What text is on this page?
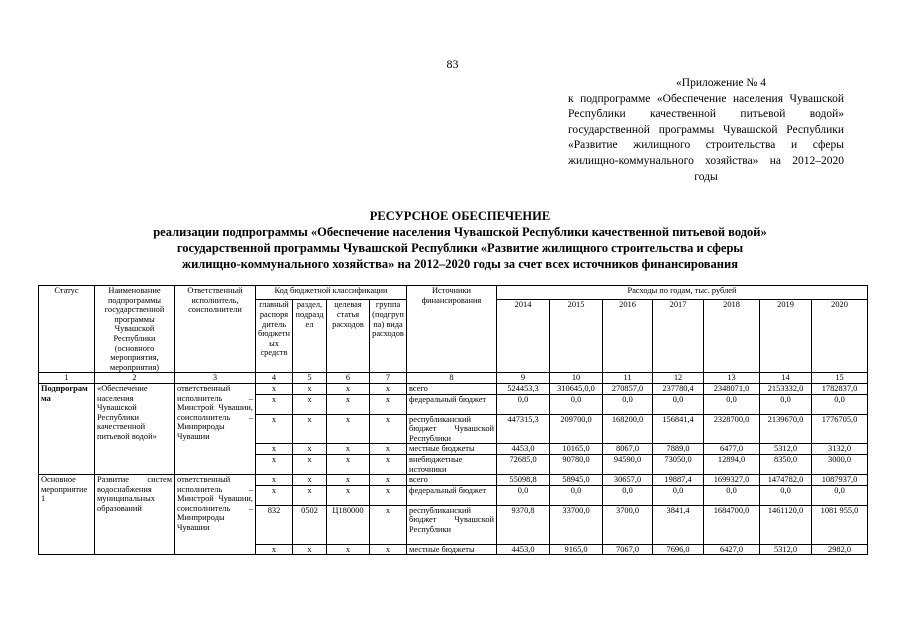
83
«Приложение № 4
к подпрограмме «Обеспечение населения Чувашской Республики качественной питьевой водой» государственной программы Чувашской Республики «Развитие жилищного строительства и сферы жилищно-коммунального хозяйства» на 2012–2020 годы
РЕСУРСНОЕ ОБЕСПЕЧЕНИЕ
реализации подпрограммы «Обеспечение населения Чувашской Республики качественной питьевой водой»
государственной программы Чувашской Республики «Развитие жилищного строительства и сферы
жилищно-коммунального хозяйства» на 2012–2020 годы за счет всех источников финансирования
Статус	Наименование подпрограммы государственной программы Чувашской Республики (основного мероприятия, мероприятия)	Ответственный исполнитель, соисполнители	Код бюджетной классификации				Источники финансирования	Расходы по годам, тыс. рублей						
			главный распорядитель бюджетных средств	раздел, подраздел	целевая статья расходов	группа (подгруппа) вида расходов		2014	2015	2016	2017	2018	2019	2020
1	2	3	4	5	6	7	8	9	10	11	12	13	14	15
Подпрограмма	«Обеспечение населения Чувашской Республики качественной питьевой водой»	ответственный исполнитель – Минстрой Чувашии, соисполнитель – Минприроды Чувашии	x	x	x	x	всего	524453,3	310645,0,0	270857,0	237780,4	2348071,0	2153332,0	1782837,0
			x	x	x	x	федеральный бюджет	0,0	0,0	0,0	0,0	0,0	0,0	0,0
			x	x	x	x	республиканский бюджет Чувашской Республики	447315,3	209700,0	168200,0	156841,4	2328700,0	2139670,0	1776705,0
			x	x	x	x	местные бюджеты	4453,0	10165,0	8067,0	7889,0	6477,0	5312,0	3132,0
			x	x	x	x	внебюджетные источники	72685,0	90780,0	94590,0	73050,0	12894,0	8350,0	3000,0
Основное мероприятие 1	Развитие систем водоснабжения муниципальных образований	ответственный исполнитель – Минстрой Чувашии, соисполнитель – Минприроды Чувашии	x	x	x	x	всего	55098,8	58945,0	30657,0	19887,4	1699327,0	1474782,0	1087937,0
			x	x	x	x	федеральный бюджет	0,0	0,0	0,0	0,0	0,0	0,0	0,0
			832	0502	Ц180000	x	республиканский бюджет Чувашской Республики	9370,8	33700,0	3700,0	3841,4	1684700,0	1461120,0	1081 955,0
			x	x	x	x	местные бюджеты	4453,0	9165,0	7067,0	7696,0	6427,0	5312,0	2982,0
